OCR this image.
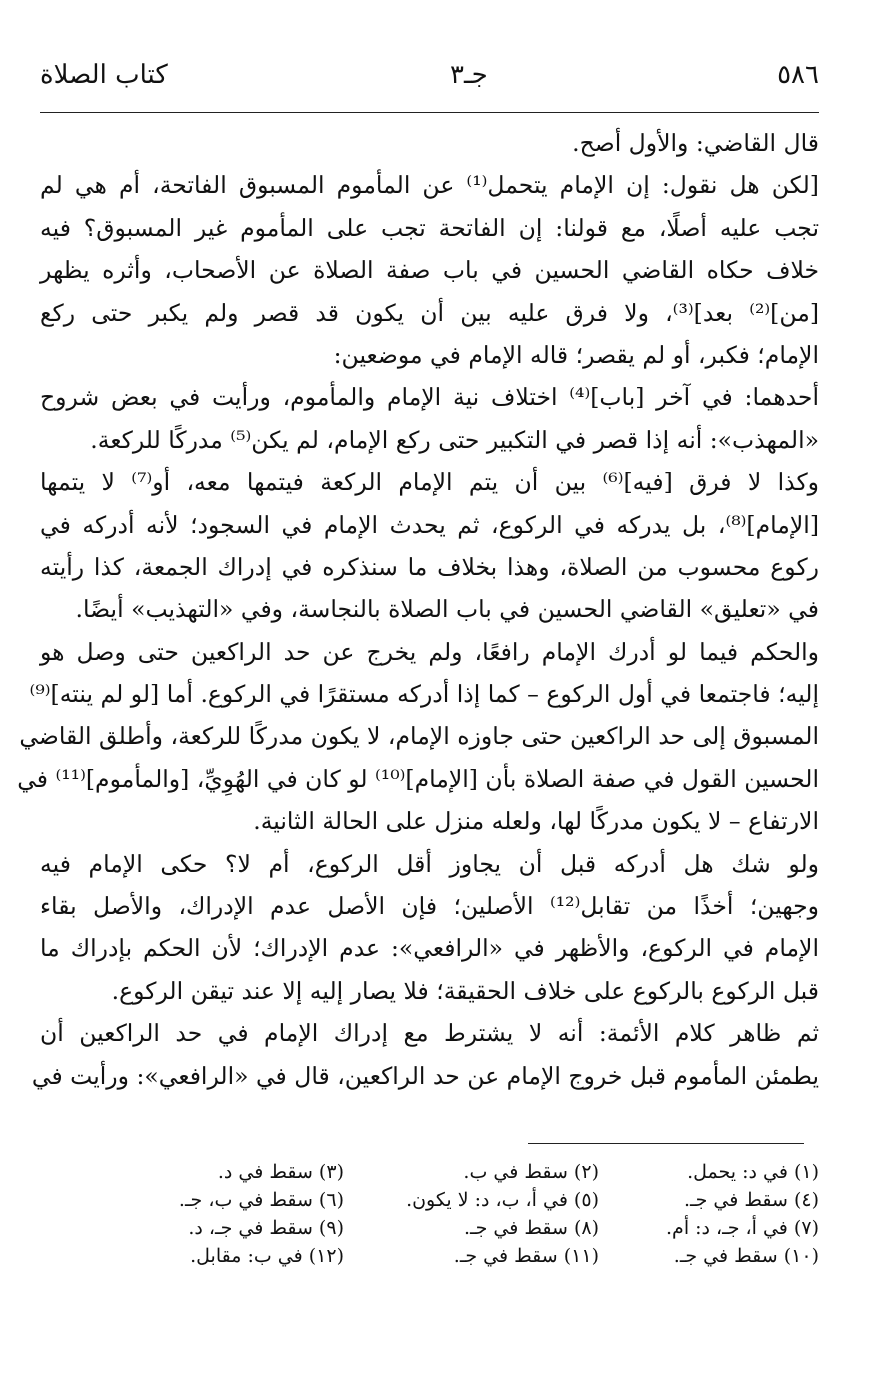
٥٨٦
جـ٣
كتاب الصلاة
قال القاضي: والأول أصح.
[لكن هل نقول: إن الإمام يتحمل⁽¹⁾ عن المأموم المسبوق الفاتحة، أم هي لم
تجب عليه أصلًا، مع قولنا: إن الفاتحة تجب على المأموم غير المسبوق؟ فيه
خلاف حكاه القاضي الحسين في باب صفة الصلاة عن الأصحاب، وأثره يظهر
[من]⁽²⁾ بعد]⁽³⁾، ولا فرق عليه بين أن يكون قد قصر ولم يكبر حتى ركع
الإمام؛ فكبر، أو لم يقصر؛ قاله الإمام في موضعين:
أحدهما: في آخر [باب]⁽⁴⁾ اختلاف نية الإمام والمأموم، ورأيت في بعض شروح
«المهذب»: أنه إذا قصر في التكبير حتى ركع الإمام، لم يكن⁽⁵⁾ مدركًا للركعة.
وكذا لا فرق [فيه]⁽⁶⁾ بين أن يتم الإمام الركعة فيتمها معه، أو⁽⁷⁾ لا يتمها
[الإمام]⁽⁸⁾، بل يدركه في الركوع، ثم يحدث الإمام في السجود؛ لأنه أدركه في
ركوع محسوب من الصلاة، وهذا بخلاف ما سنذكره في إدراك الجمعة، كذا رأيته
في «تعليق» القاضي الحسين في باب الصلاة بالنجاسة، وفي «التهذيب» أيضًا.
والحكم فيما لو أدرك الإمام رافعًا، ولم يخرج عن حد الراكعين حتى وصل هو
إليه؛ فاجتمعا في أول الركوع – كما إذا أدركه مستقرًا في الركوع. أما [لو لم ينته]⁽⁹⁾
المسبوق إلى حد الراكعين حتى جاوزه الإمام، لا يكون مدركًا للركعة، وأطلق القاضي
الحسين القول في صفة الصلاة بأن [الإمام]⁽¹⁰⁾ لو كان في الهُوِيِّ، [والمأموم]⁽¹¹⁾ في
الارتفاع – لا يكون مدركًا لها، ولعله منزل على الحالة الثانية.
ولو شك هل أدركه قبل أن يجاوز أقل الركوع، أم لا؟ حكى الإمام فيه
وجهين؛ أخذًا من تقابل⁽¹²⁾ الأصلين؛ فإن الأصل عدم الإدراك، والأصل بقاء
الإمام في الركوع، والأظهر في «الرافعي»: عدم الإدراك؛ لأن الحكم بإدراك ما
قبل الركوع بالركوع على خلاف الحقيقة؛ فلا يصار إليه إلا عند تيقن الركوع.
ثم ظاهر كلام الأئمة: أنه لا يشترط مع إدراك الإمام في حد الراكعين أن
يطمئن المأموم قبل خروج الإمام عن حد الراكعين، قال في «الرافعي»: ورأيت في
(١) في د: يحمل.
(٢) سقط في ب.
(٣) سقط في د.
(٤) سقط في جـ.
(٥) في أ، ب، د: لا يكون.
(٦) سقط في ب، جـ.
(٧) في أ، جـ، د: أم.
(٨) سقط في جـ.
(٩) سقط في جـ، د.
(١٠) سقط في جـ.
(١١) سقط في جـ.
(١٢) في ب: مقابل.
